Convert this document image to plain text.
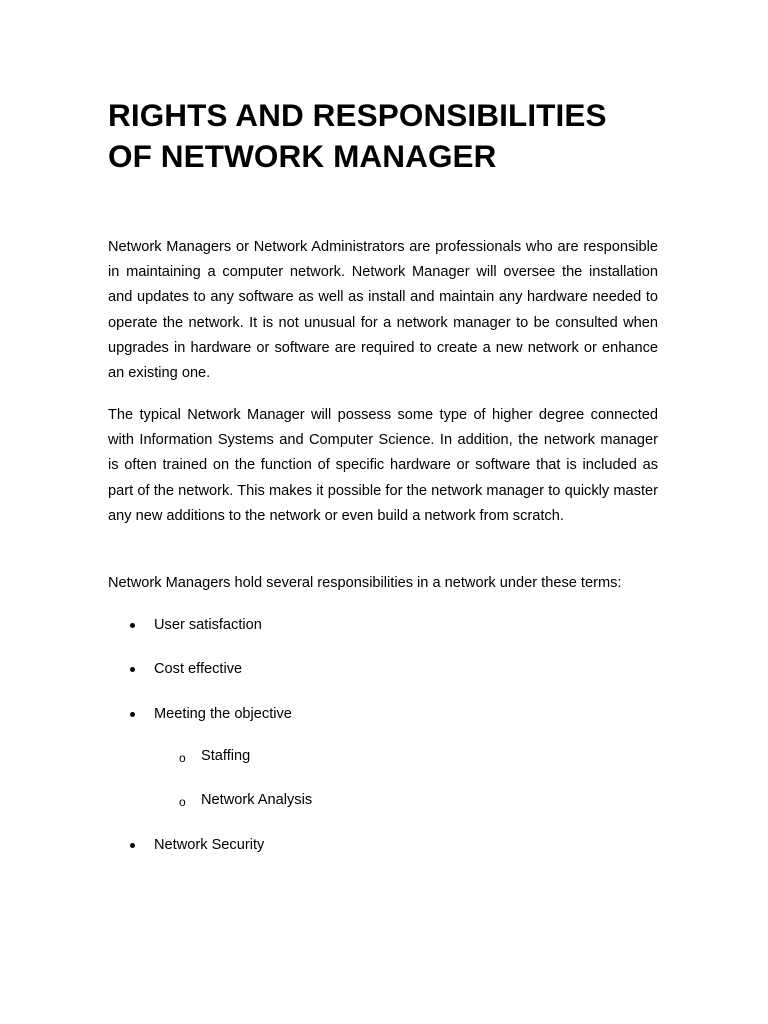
RIGHTS AND RESPONSIBILITIES
OF NETWORK MANAGER

Network Managers or Network Administrators are professionals who are responsible in maintaining a computer network. Network Manager will oversee the installation and updates to any software as well as install and maintain any hardware needed to operate the network. It is not unusual for a network manager to be consulted when upgrades in hardware or software are required to create a new network or enhance an existing one.

The typical Network Manager will possess some type of higher degree connected with Information Systems and Computer Science. In addition, the network manager is often trained on the function of specific hardware or software that is included as part of the network. This makes it possible for the network manager to quickly master any new additions to the network or even build a network from scratch.

Network Managers hold several responsibilities in a network under these terms:

User satisfaction
Cost effective
Meeting the objective
o Staffing
o Network Analysis
Network Security
